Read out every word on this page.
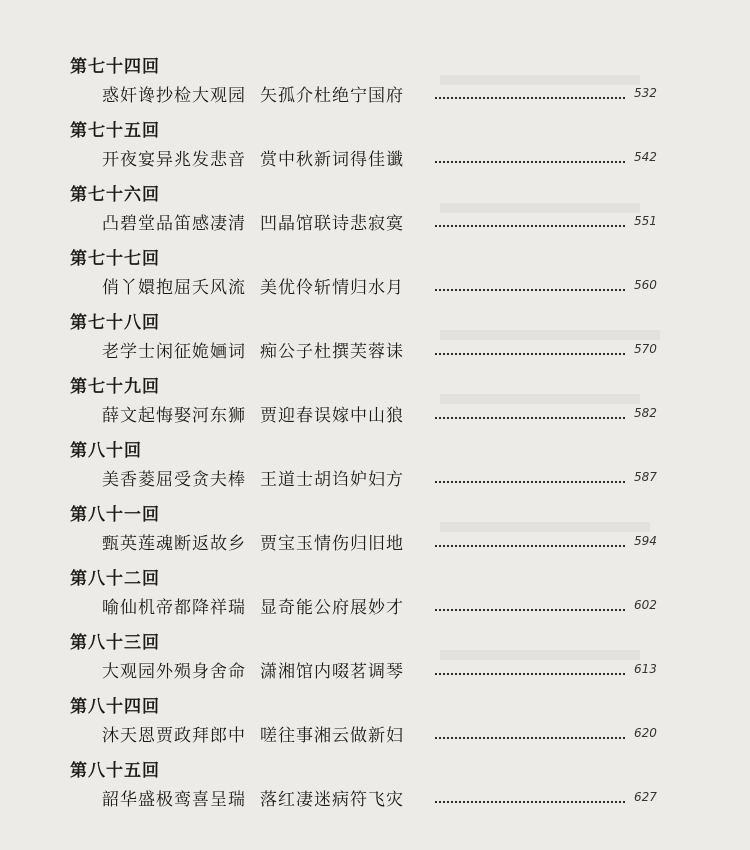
第七十四回
惑奸谗抄检大观园 矢孤介杜绝宁国府	532
第七十五回
开夜宴异兆发悲音 赏中秋新词得佳谶	542
第七十六回
凸碧堂品笛感凄清 凹晶馆联诗悲寂寞	551
第七十七回
俏丫嬛抱屈夭风流 美优伶斩情归水月	560
第七十八回
老学士闲征姽婳词 痴公子杜撰芙蓉诔	570
第七十九回
薛文起悔娶河东狮 贾迎春误嫁中山狼	582
第八十回
美香菱屈受贪夫棒 王道士胡诌妒妇方	587
第八十一回
甄英莲魂断返故乡 贾宝玉情伤归旧地	594
第八十二回
喻仙机帝都降祥瑞 显奇能公府展妙才	602
第八十三回
大观园外殒身舍命 潇湘馆内啜茗调琴	613
第八十四回
沐天恩贾政拜郎中 嗟往事湘云做新妇	620
第八十五回
韶华盛极鸾喜呈瑞 落红凄迷病符飞灾	627
